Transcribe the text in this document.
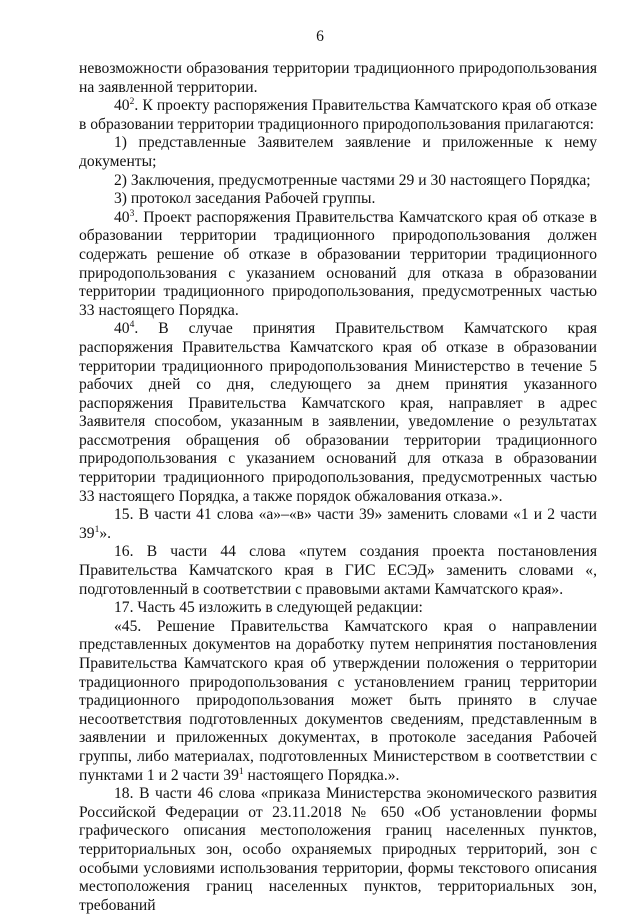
6

невозможности образования территории традиционного природопользования на заявленной территории.

$40^2$. К проекту распоряжения Правительства Камчатского края об отказе в образовании территории традиционного природопользования прилагаются:

1) представленные Заявителем заявление и приложенные к нему документы;

2) Заключения, предусмотренные частями 29 и 30 настоящего Порядка;

3) протокол заседания Рабочей группы.

$40^3$. Проект распоряжения Правительства Камчатского края об отказе в образовании территории традиционного природопользования должен содержать решение об отказе в образовании территории традиционного природопользования с указанием оснований для отказа в образовании территории традиционного природопользования, предусмотренных частью 33 настоящего Порядка.

$40^4$. В случае принятия Правительством Камчатского края распоряжения Правительства Камчатского края об отказе в образовании территории традиционного природопользования Министерство в течение 5 рабочих дней со дня, следующего за днем принятия указанного распоряжения Правительства Камчатского края, направляет в адрес Заявителя способом, указанным в заявлении, уведомление о результатах рассмотрения обращения об образовании территории традиционного природопользования с указанием оснований для отказа в образовании территории традиционного природопользования, предусмотренных частью 33 настоящего Порядка, а также порядок обжалования отказа.».

15. В части 41 слова «а»–«в» части 39» заменить словами «1 и 2 части $39^1$».

16. В части 44 слова «путем создания проекта постановления Правительства Камчатского края в ГИС ЕСЭД» заменить словами «, подготовленный в соответствии с правовыми актами Камчатского края».

17. Часть 45 изложить в следующей редакции:

«45. Решение Правительства Камчатского края о направлении представленных документов на доработку путем непринятия постановления Правительства Камчатского края об утверждении положения о территории традиционного природопользования с установлением границ территории традиционного природопользования может быть принято в случае несоответствия подготовленных документов сведениям, представленным в заявлении и приложенных документах, в протоколе заседания Рабочей группы, либо материалах, подготовленных Министерством в соответствии с пунктами 1 и 2 части $39^1$ настоящего Порядка.».

18. В части 46 слова «приказа Министерства экономического развития Российской Федерации от 23.11.2018 № 650 «Об установлении формы графического описания местоположения границ населенных пунктов, территориальных зон, особо охраняемых природных территорий, зон с особыми условиями использования территории, формы текстового описания местоположения границ населенных пунктов, территориальных зон, требований
